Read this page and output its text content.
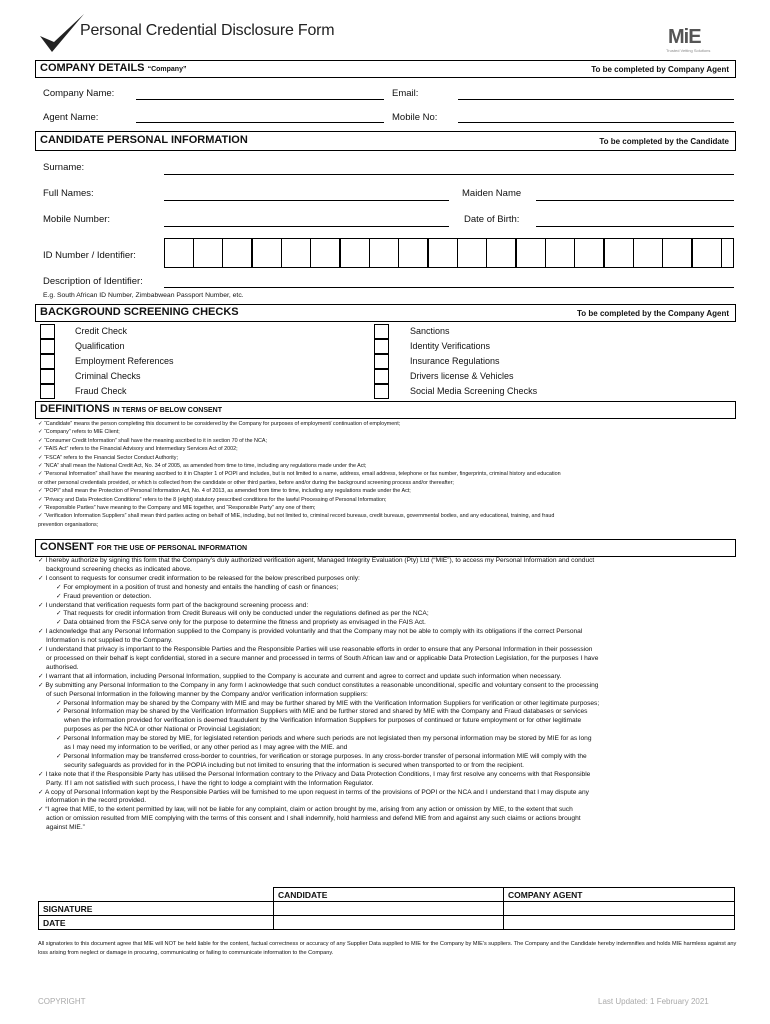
Personal Credential Disclosure Form	MiE
Trusted Vetting Solutions
COMPANY DETAILS “Company”	To be completed by Company Agent
Company Name:	Email:
Agent Name:	Mobile No:
CANDIDATE PERSONAL INFORMATION	To be completed by the Candidate
Surname:
Full Names:	Maiden Name
Mobile Number:	Date of Birth:
ID Number / Identifier:
Description of Identifier:
E.g. South African ID Number, Zimbabwean Passport Number, etc.
BACKGROUND SCREENING CHECKS	To be completed by the Company Agent
Credit Check
Qualification
Employment References
Criminal Checks
Fraud Check
Sanctions
Identity Verifications
Insurance Regulations
Drivers license & Vehicles
Social Media Screening Checks
DEFINITIONS IN TERMS OF BELOW CONSENT
✓ “Candidate” means the person completing this document to be considered by the Company for purposes of employment/ continuation of employment;
✓ “Company” refers to MIE Client;
✓ “Consumer Credit Information” shall have the meaning ascribed to it in section 70 of the NCA;
✓ “FAIS Act” refers to the Financial Advisory and Intermediary Services Act of 2002;
✓ “FSCA” refers to the Financial Sector Conduct Authority;
✓ “NCA” shall mean the National Credit Act, No. 34 of 2005, as amended from time to time, including any regulations made under the Act;
✓ “Personal Information” shall have the meaning ascribed to it in Chapter 1 of POPI and includes, but is not limited to a name, address, email address, telephone or fax number, fingerprints, criminal history and education
or other personal credentials provided, or which is collected from the candidate or other third parties, before and/or during the background screening process and/or thereafter;
✓ “POPI” shall mean the Protection of Personal Information Act, No. 4 of 2013, as amended from time to time, including any regulations made under the Act;
✓ “Privacy and Data Protection Conditions” refers to the 8 (eight) statutory prescribed conditions for the lawful Processing of Personal Information;
✓ “Responsible Parties” have meaning to the Company and MIE together, and “Responsible Party” any one of them;
✓ “Verification Information Suppliers” shall mean third parties acting on behalf of MIE, including, but not limited to, criminal record bureaus, credit bureaus, governmental bodies, and any educational, training, and fraud
prevention organisations;
CONSENT FOR THE USE OF PERSONAL INFORMATION
✓ I hereby authorize by signing this form that the Company’s duly authorized verification agent, Managed Integrity Evaluation (Pty) Ltd (“MIE”), to access my Personal Information and conduct
background screening checks as indicated above.
✓ I consent to requests for consumer credit information to be released for the below prescribed purposes only:
✓ For employment in a position of trust and honesty and entails the handling of cash or finances;
✓ Fraud prevention or detection.
✓ I understand that verification requests form part of the background screening process and:
✓ That requests for credit information from Credit Bureaus will only be conducted under the regulations defined as per the NCA;
✓ Data obtained from the FSCA serve only for the purpose to determine the fitness and propriety as envisaged in the FAIS Act.
✓ I acknowledge that any Personal Information supplied to the Company is provided voluntarily and that the Company may not be able to comply with its obligations if the correct Personal
Information is not supplied to the Company.
✓ I understand that privacy is important to the Responsible Parties and the Responsible Parties will use reasonable efforts in order to ensure that any Personal Information in their possession
or processed on their behalf is kept confidential, stored in a secure manner and processed in terms of South African law and or applicable Data Protection Legislation, for the purposes I have
authorised.
✓ I warrant that all information, including Personal Information, supplied to the Company is accurate and current and agree to correct and update such information when necessary.
✓ By submitting any Personal Information to the Company in any form I acknowledge that such conduct constitutes a reasonable unconditional, specific and voluntary consent to the processing
of such Personal Information in the following manner by the Company and/or verification information suppliers:
✓ Personal Information may be shared by the Company with MIE and may be further shared by MIE with the Verification Information Suppliers for verification or other legitimate purposes;
✓ Personal Information may be shared by the Verification Information Suppliers with MIE and be further stored and shared by MIE with the Company and Fraud databases or services
when the information provided for verification is deemed fraudulent by the Verification Information Suppliers for purposes of continued or future employment or for other legitimate
purposes as per the NCA or other National or Provincial Legislation;
✓ Personal Information may be stored by MIE, for legislated retention periods and where such periods are not legislated then my personal information may be stored by MIE for as long
as I may need my information to be verified, or any other period as I may agree with the MIE. and
✓ Personal Information may be transferred cross-border to countries, for verification or storage purposes. In any cross-border transfer of personal information MIE will comply with the
security safeguards as provided for in the POPIA including but not limited to ensuring that the information is secured when transported to or from the recipient.
✓ I take note that if the Responsible Party has utilised the Personal Information contrary to the Privacy and Data Protection Conditions, I may first resolve any concerns with that Responsible
Party. If I am not satisfied with such process, I have the right to lodge a complaint with the Information Regulator.
✓ A copy of Personal Information kept by the Responsible Parties will be furnished to me upon request in terms of the provisions of POPI or the NCA and I understand that I may dispute any
information in the record provided.
✓ “I agree that MIE, to the extent permitted by law, will not be liable for any complaint, claim or action brought by me, arising from any action or omission by MIE, to the extent that such
action or omission resulted from MIE complying with the terms of this consent and I shall indemnify, hold harmless and defend MIE from and against any such claims or actions brought
against MIE.”
	CANDIDATE	COMPANY AGENT
SIGNATURE		
DATE		
All signatories to this document agree that MIE will NOT be held liable for the content, factual correctness or accuracy of any Supplier Data supplied to MIE for the Company by MIE’s suppliers. The Company and the Candidate hereby indemnifies and holds MIE harmless against any loss arising from neglect or damage in procuring, communicating or failing to communicate information to the Company.
COPYRIGHT	Last Updated: 1 February 2021
